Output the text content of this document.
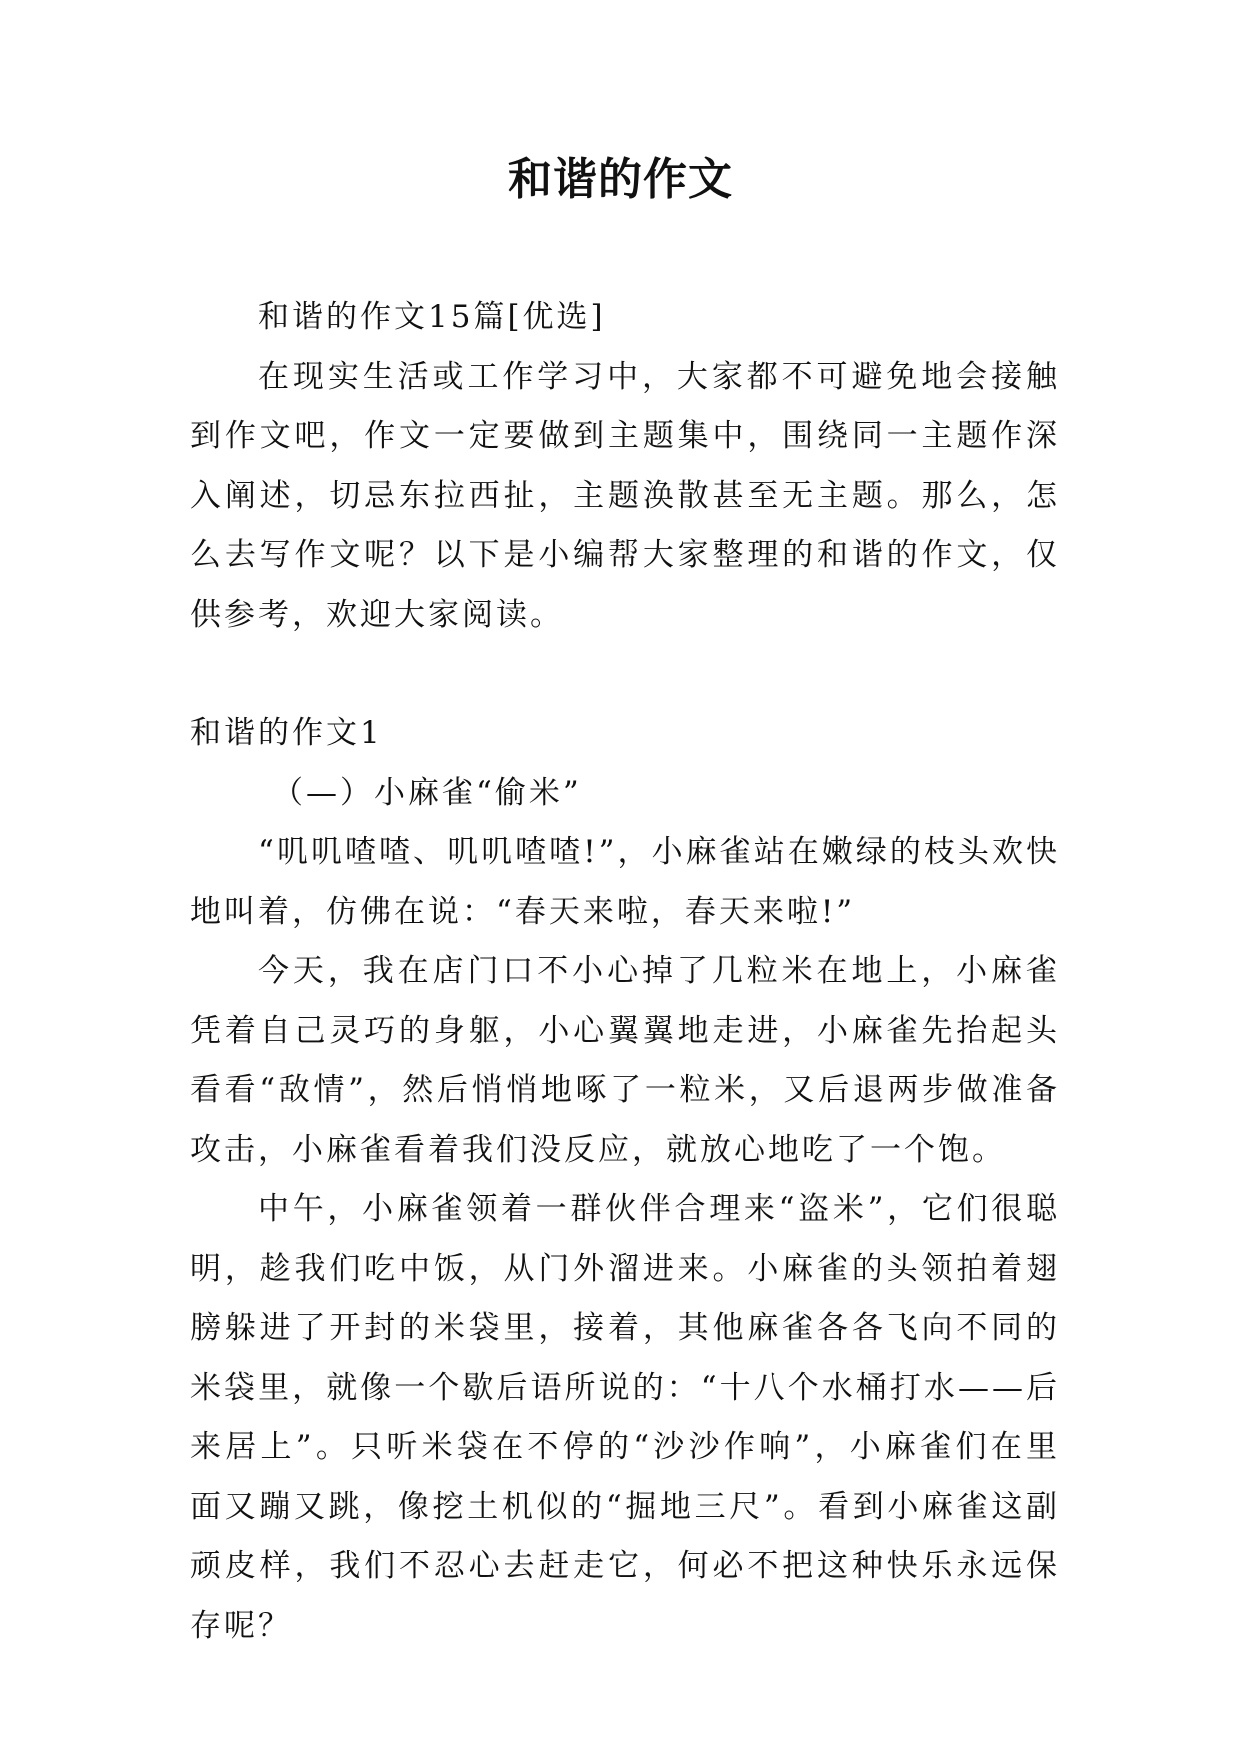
和谐的作文

和谐的作文15篇[优选]

在现实生活或工作学习中，大家都不可避免地会接触到作文吧，作文一定要做到主题集中，围绕同一主题作深入阐述，切忌东拉西扯，主题涣散甚至无主题。那么，怎么去写作文呢？以下是小编帮大家整理的和谐的作文，仅供参考，欢迎大家阅读。

和谐的作文1

（—）小麻雀“偷米”

“叽叽喳喳、叽叽喳喳!”，小麻雀站在嫩绿的枝头欢快地叫着，仿佛在说：“春天来啦，春天来啦!”

今天，我在店门口不小心掉了几粒米在地上，小麻雀凭着自己灵巧的身躯，小心翼翼地走进，小麻雀先抬起头看看“敌情”，然后悄悄地啄了一粒米，又后退两步做准备攻击，小麻雀看着我们没反应，就放心地吃了一个饱。

中午，小麻雀领着一群伙伴合理来“盗米”，它们很聪明，趁我们吃中饭，从门外溜进来。小麻雀的头领拍着翅膀躲进了开封的米袋里，接着，其他麻雀各各飞向不同的米袋里，就像一个歇后语所说的：“十八个水桶打水——后来居上”。只听米袋在不停的“沙沙作响”，小麻雀们在里面又蹦又跳，像挖土机似的“掘地三尺”。看到小麻雀这副顽皮样，我们不忍心去赶走它，何必不把这种快乐永远保存呢？
